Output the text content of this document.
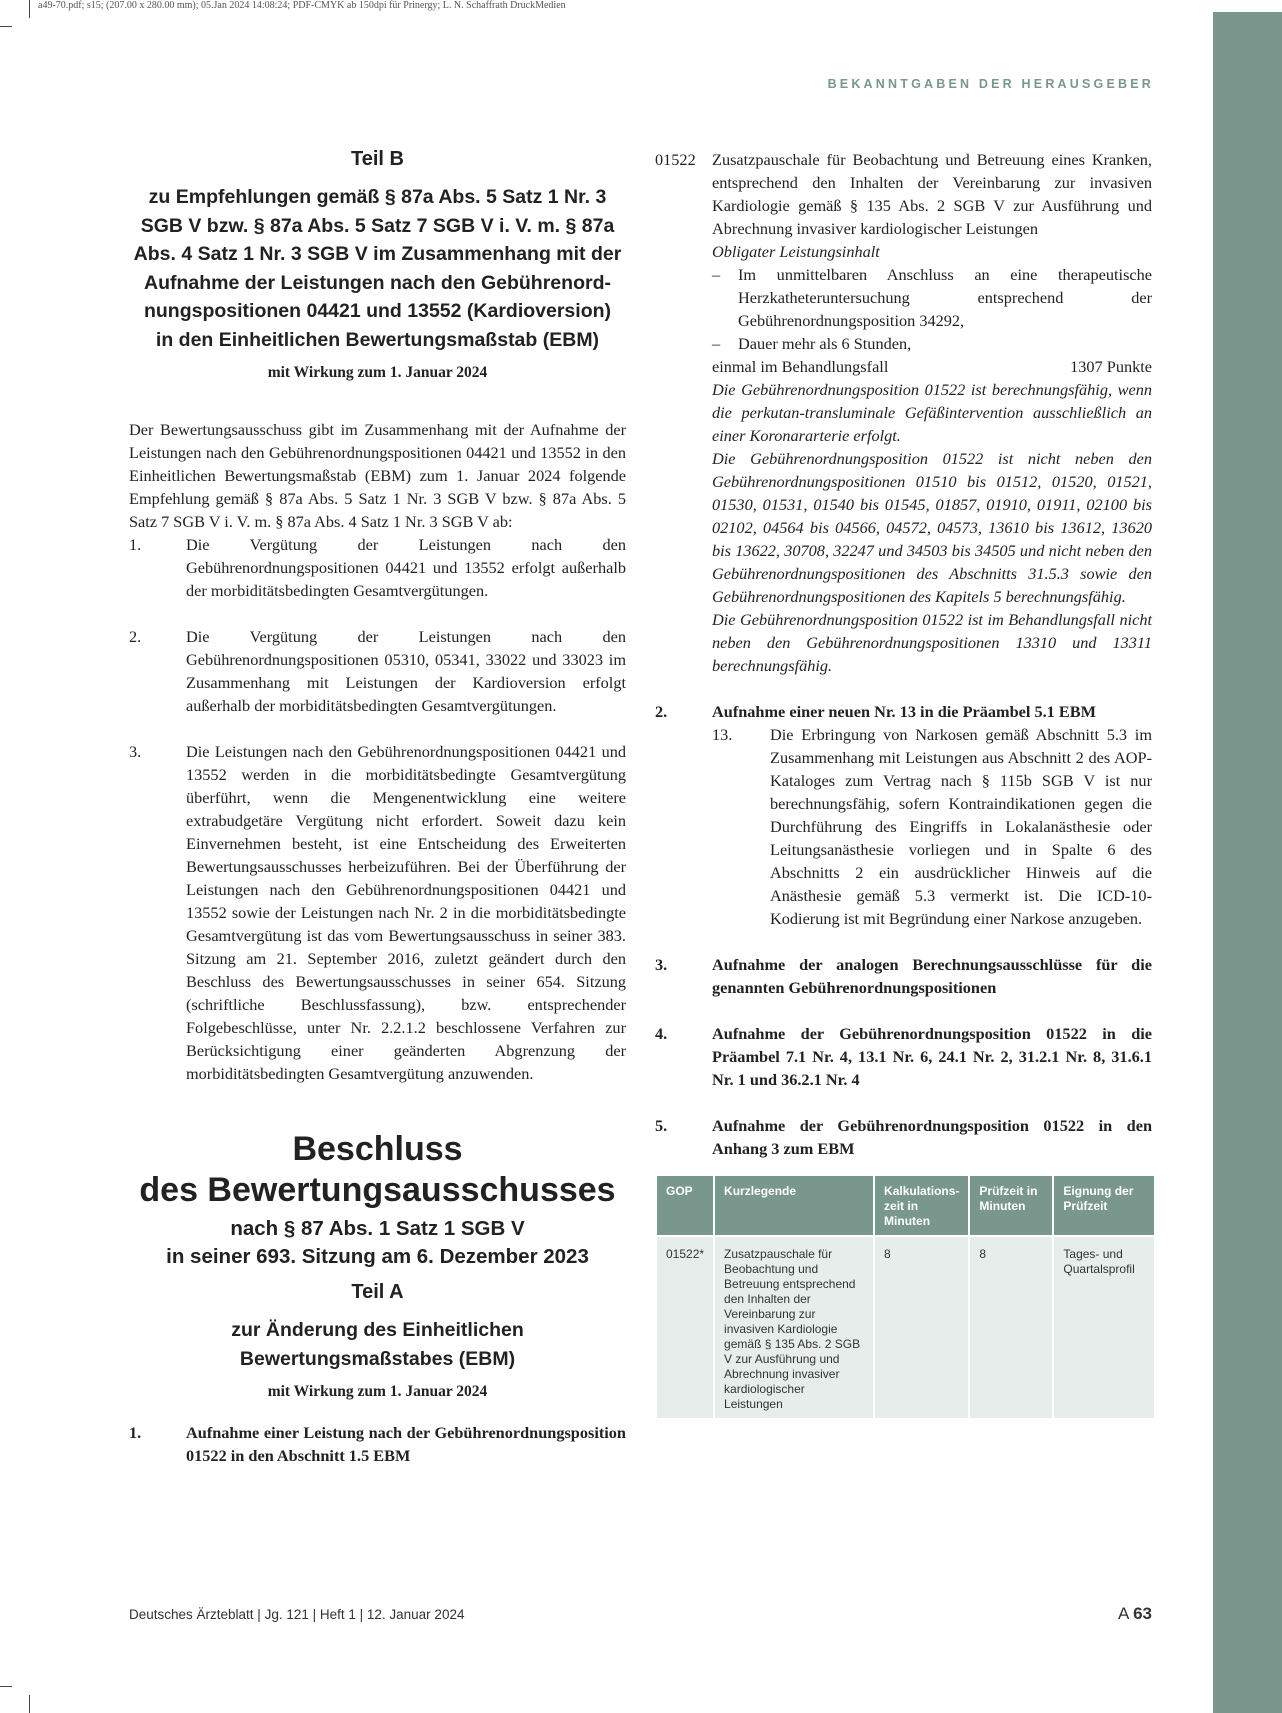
a49-70.pdf; s15; (207.00 x 280.00 mm); 05.Jan 2024 14:08:24; PDF-CMYK ab 150dpi für Prinergy; L. N. Schaffrath DruckMedien
BEKANNTGABEN DER HERAUSGEBER
Teil B
zu Empfehlungen gemäß § 87a Abs. 5 Satz 1 Nr. 3
SGB V bzw. § 87a Abs. 5 Satz 7 SGB V i. V. m. § 87a
Abs. 4 Satz 1 Nr. 3 SGB V im Zusammenhang mit der
Aufnahme der Leistungen nach den Gebührenord-
nungspositionen 04421 und 13552 (Kardioversion)
in den Einheitlichen Bewertungsmaßstab (EBM)
mit Wirkung zum 1. Januar 2024

Der Bewertungsausschuss gibt im Zusammenhang mit der Aufnahme der Leistungen nach den Gebührenordnungspositionen 04421 und 13552 in den Einheitlichen Bewertungsmaßstab (EBM) zum 1. Januar 2024 folgende Empfehlung gemäß § 87a Abs. 5 Satz 1 Nr. 3 SGB V bzw. § 87a Abs. 5 Satz 7 SGB V i. V. m. § 87a Abs. 4 Satz 1 Nr. 3 SGB V ab:

1.	Die Vergütung der Leistungen nach den Gebührenordnungspositionen 04421 und 13552 erfolgt außerhalb der morbiditätsbedingten Gesamtvergütungen.
2.	Die Vergütung der Leistungen nach den Gebührenordnungspositionen 05310, 05341, 33022 und 33023 im Zusammenhang mit Leistungen der Kardioversion erfolgt außerhalb der morbiditätsbedingten Gesamtvergütungen.
3.	Die Leistungen nach den Gebührenordnungspositionen 04421 und 13552 werden in die morbiditätsbedingte Gesamtvergütung überführt, wenn die Mengenentwicklung eine weitere extrabudgetäre Vergütung nicht erfordert. Soweit dazu kein Einvernehmen besteht, ist eine Entscheidung des Erweiterten Bewertungsausschusses herbeizuführen. Bei der Überführung der Leistungen nach den Gebührenordnungspositionen 04421 und 13552 sowie der Leistungen nach Nr. 2 in die morbiditätsbedingte Gesamtvergütung ist das vom Bewertungsausschuss in seiner 383. Sitzung am 21. September 2016, zuletzt geändert durch den Beschluss des Bewertungsausschusses in seiner 654. Sitzung (schriftliche Beschlussfassung), bzw. entsprechender Folgebeschlüsse, unter Nr. 2.2.1.2 beschlossene Verfahren zur Berücksichtigung einer geänderten Abgrenzung der morbiditätsbedingten Gesamtvergütung anzuwenden.
Beschluss
des Bewertungsausschusses
nach § 87 Abs. 1 Satz 1 SGB V
in seiner 693. Sitzung am 6. Dezember 2023
Teil A
zur Änderung des Einheitlichen
Bewertungsmaßstabes (EBM)
mit Wirkung zum 1. Januar 2024
1.	Aufnahme einer Leistung nach der Gebührenordnungsposition 01522 in den Abschnitt 1.5 EBM
01522 Zusatzpauschale für Beobachtung und Betreuung eines Kranken, entsprechend den Inhalten der Vereinbarung zur invasiven Kardiologie gemäß § 135 Abs. 2 SGB V zur Ausführung und Abrechnung invasiver kardiologischer Leistungen
Obligater Leistungsinhalt
– Im unmittelbaren Anschluss an eine therapeutische Herzkatheteruntersuchung entsprechend der Gebührenordnungsposition 34292,
– Dauer mehr als 6 Stunden,
einmal im Behandlungsfall	1307 Punkte
Die Gebührenordnungsposition 01522 ist berechnungsfähig, wenn die perkutan-transluminale Gefäßintervention ausschließlich an einer Koronararterie erfolgt.
Die Gebührenordnungsposition 01522 ist nicht neben den Gebührenordnungspositionen 01510 bis 01512, 01520, 01521, 01530, 01531, 01540 bis 01545, 01857, 01910, 01911, 02100 bis 02102, 04564 bis 04566, 04572, 04573, 13610 bis 13612, 13620 bis 13622, 30708, 32247 und 34503 bis 34505 und nicht neben den Gebührenordnungspositionen des Abschnitts 31.5.3 sowie den Gebührenordnungspositionen des Kapitels 5 berechnungsfähig.
Die Gebührenordnungsposition 01522 ist im Behandlungsfall nicht neben den Gebührenordnungspositionen 13310 und 13311 berechnungsfähig.
2.	Aufnahme einer neuen Nr. 13 in die Präambel 5.1 EBM
13. Die Erbringung von Narkosen gemäß Abschnitt 5.3 im Zusammenhang mit Leistungen aus Abschnitt 2 des AOP-Kataloges zum Vertrag nach § 115b SGB V ist nur berechnungsfähig, sofern Kontraindikationen gegen die Durchführung des Eingriffs in Lokalanästhesie oder Leitungsanästhesie vorliegen und in Spalte 6 des Abschnitts 2 ein ausdrücklicher Hinweis auf die Anästhesie gemäß 5.3 vermerkt ist. Die ICD-10-Kodierung ist mit Begründung einer Narkose anzugeben.
3.	Aufnahme der analogen Berechnungsausschlüsse für die genannten Gebührenordnungspositionen
4.	Aufnahme der Gebührenordnungsposition 01522 in die Präambel 7.1 Nr. 4, 13.1 Nr. 6, 24.1 Nr. 2, 31.2.1 Nr. 8, 31.6.1 Nr. 1 und 36.2.1 Nr. 4
5.	Aufnahme der Gebührenordnungsposition 01522 in den Anhang 3 zum EBM
GOP	Kurzlegende	Kalkulations-zeit in Minuten	Prüfzeit in Minuten	Eignung der Prüfzeit
01522*	Zusatzpauschale für Beobachtung und Betreuung entsprechend den Inhalten der Vereinbarung zur invasiven Kardiologie gemäß § 135 Abs. 2 SGB V zur Ausführung und Abrechnung invasiver kardiologischer Leistungen	8	8	Tages- und Quartalsprofil
Deutsches Ärzteblatt | Jg. 121 | Heft 1 | 12. Januar 2024	A 63
